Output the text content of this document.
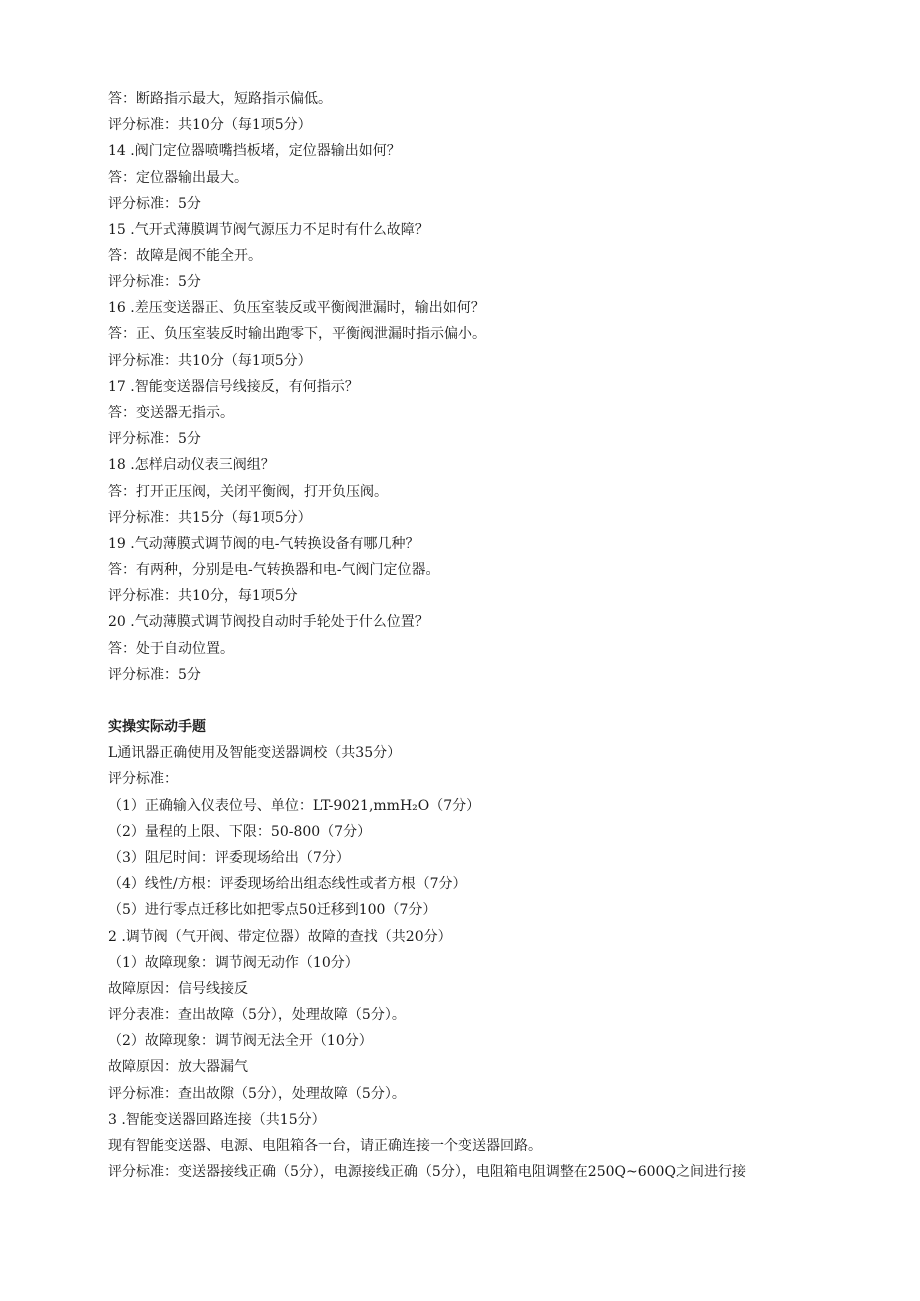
答：断路指示最大，短路指示偏低。
评分标准：共10分（每1项5分）
14 .阀门定位器喷嘴挡板堵，定位器输出如何？
答：定位器输出最大。
评分标准：5分
15 .气开式薄膜调节阀气源压力不足时有什么故障？
答：故障是阀不能全开。
评分标准：5分
16 .差压变送器正、负压室装反或平衡阀泄漏时，输出如何？
答：正、负压室装反时输出跑零下，平衡阀泄漏时指示偏小。
评分标准：共10分（每1项5分）
17 .智能变送器信号线接反，有何指示？
答：变送器无指示。
评分标准：5分
18 .怎样启动仪表三阀组？
答：打开正压阀，关闭平衡阀，打开负压阀。
评分标准：共15分（每1项5分）
19 .气动薄膜式调节阀的电-气转换设备有哪几种？
答：有两种，分别是电-气转换器和电-气阀门定位器。
评分标准：共10分，每1项5分
20 .气动薄膜式调节阀投自动时手轮处于什么位置？
答：处于自动位置。
评分标准：5分
实操实际动手题
L通讯器正确使用及智能变送器调校（共35分）
评分标准：
（1）正确输入仪表位号、单位：LT-9021,mmH₂O（7分）
（2）量程的上限、下限：50-800（7分）
（3）阻尼时间：评委现场给出（7分）
（4）线性/方根：评委现场给出组态线性或者方根（7分）
（5）进行零点迁移比如把零点50迁移到100（7分）
2 .调节阀（气开阀、带定位器）故障的查找（共20分）
（1）故障现象：调节阀无动作（10分）
故障原因：信号线接反
评分表准：查出故障（5分），处理故障（5分）。
（2）故障现象：调节阀无法全开（10分）
故障原因：放大器漏气
评分标准：查出故隙（5分），处理故障（5分）。
3 .智能变送器回路连接（共15分）
现有智能变送器、电源、电阻箱各一台，请正确连接一个变送器回路。
评分标准：变送器接线正确（5分），电源接线正确（5分），电阻箱电阻调整在250Q~600Q之间进行接
